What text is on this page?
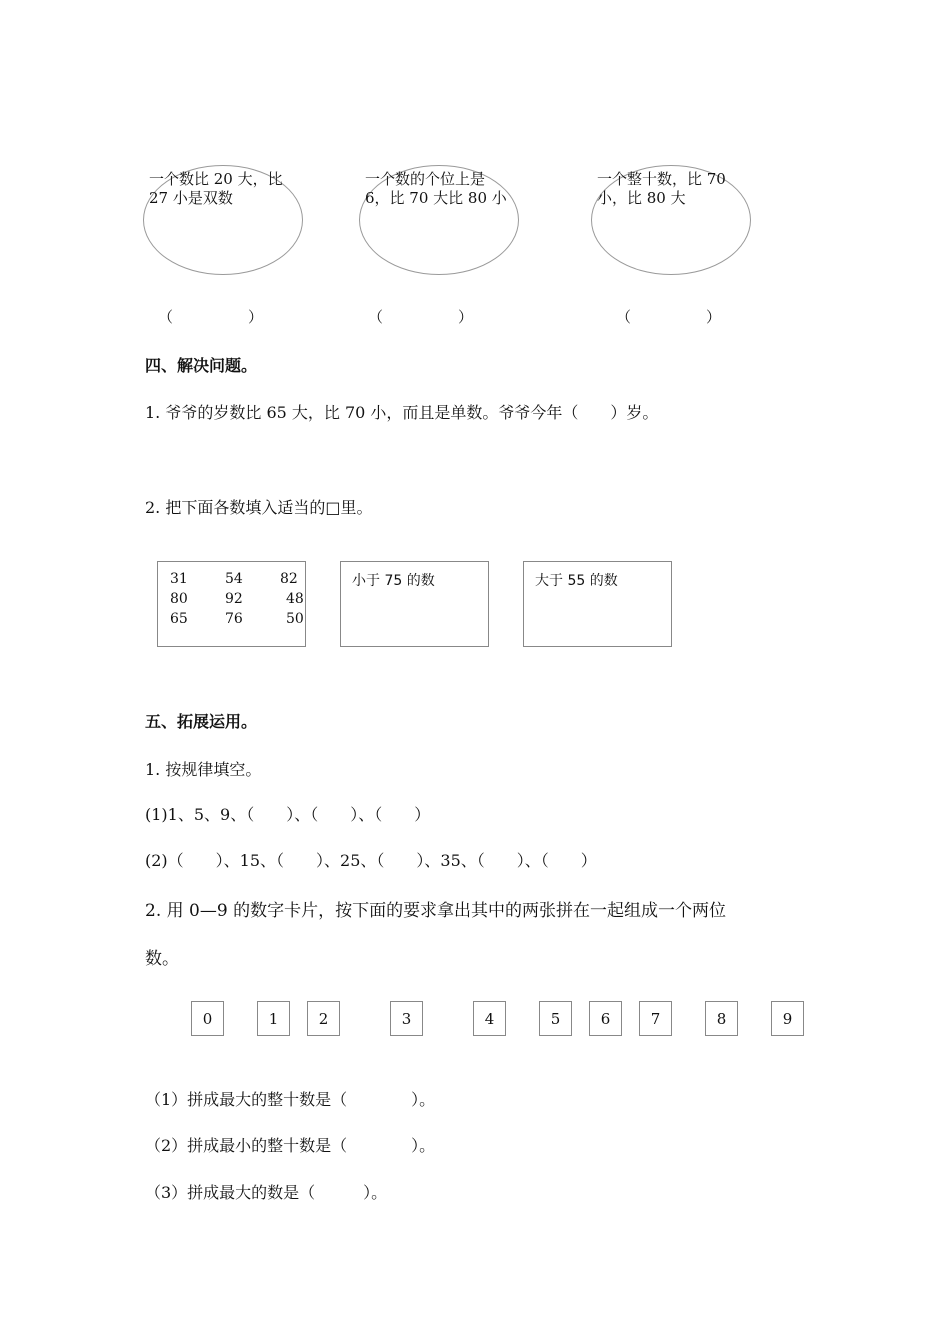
一个数比 20 大，比
27 小是双数
（　　　　　）
一个数的个位上是
6，比 70 大比 80 小
（　　　　　）
一个整十数，比 70
小，比 80 大
（　　　　　）
四、解决问题。
1. 爷爷的岁数比 65 大，比 70 小，而且是单数。爷爷今年（　　）岁。
2. 把下面各数填入适当的□里。
31	54	82
80	92	48
65	76	50
小于 75 的数	大于 55 的数
五、拓展运用。
1. 按规律填空。
(1)1、5、9、（　　）、（　　）、（　　）
(2)（　　）、15、（　　）、25、（　　）、35、（　　）、（　　）
2. 用 0—9 的数字卡片，按下面的要求拿出其中的两张拼在一起组成一个两位
数。
0	1	2	3	4	5	6	7	8	9
（1）拼成最大的整十数是（　　　　）。
（2）拼成最小的整十数是（　　　　）。
（3）拼成最大的数是（　　　）。
